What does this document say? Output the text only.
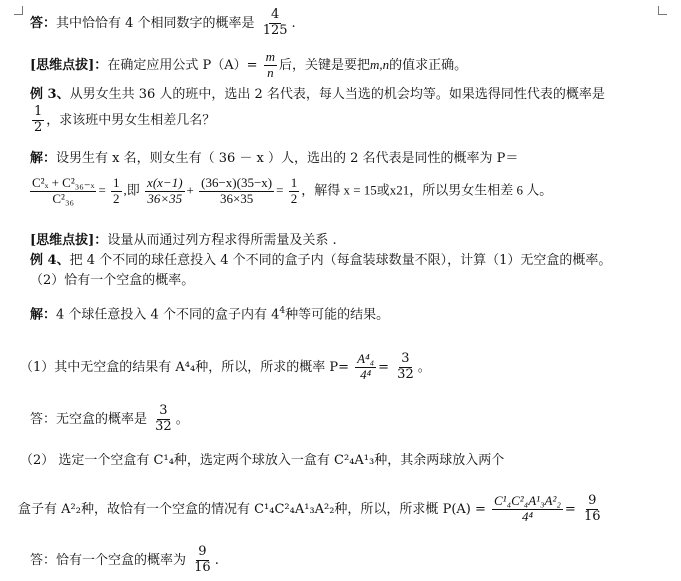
答：其中恰恰有 4 个相同数字的概率是 $\frac{4}{125}$ .
[思维点拔]：在确定应用公式 $P(A)= \frac{m}{n}$ 后，关键是要把m,n的值求正确。
例 3、从男女生共 36 人的班中，选出 2 名代表，每人当选的机会均等。如果选得同性代表的概率是
$\frac{1}{2}$ ，求该班中男女生相差几名？
解：设男生有 x 名，则女生有（ 36 － x ）人，选出的 2 名代表是同性的概率为 P＝
$\frac{\text{C²ₓ + C²₃₆₋ₓ}}{\text{C²₃₆}} = \frac{1}{2}$ ,即 $\frac{x(x-1)}{36\times 35} + \frac{(36-x)(35-x)}{36\times 35} = \frac{1}{2}$ ，解得 x = 15或x21，所以男女生相差 6 人。
[思维点拔]：设量从而通过列方程求得所需量及关系 .
例 4、把 4 个不同的球任意投入 4 个不同的盒子内（每盒装球数量不限），计算（1）无空盒的概率。
（2）恰有一个空盒的概率。
解：4 个球任意投入 4 个不同的盒子内有 $4^4$种等可能的结果。
（1）其中无空盒的结果有 A⁴₄种，所以，所求的概率 $P= \frac{\text{A⁴₄}}{\text{4⁴}} = \frac{3}{32}$ 。
答：无空盒的概率是 $\frac{3}{32}$ 。
（2） 选定一个空盒有 C¹₄种，选定两个球放入一盒有 C²₄A¹₃种，其余两球放入两个
盒子有 A²₂种，故恰有一个空盒的情况有 C¹₄C²₄A¹₃A²₂种，所以，所求概 $P(A) = \frac{\text{C¹₄C²₄A¹₃A²₂}}{\text{4⁴}} = \frac{9}{16}$
答：恰有一个空盒的概率为 $\frac{9}{16}$ .
